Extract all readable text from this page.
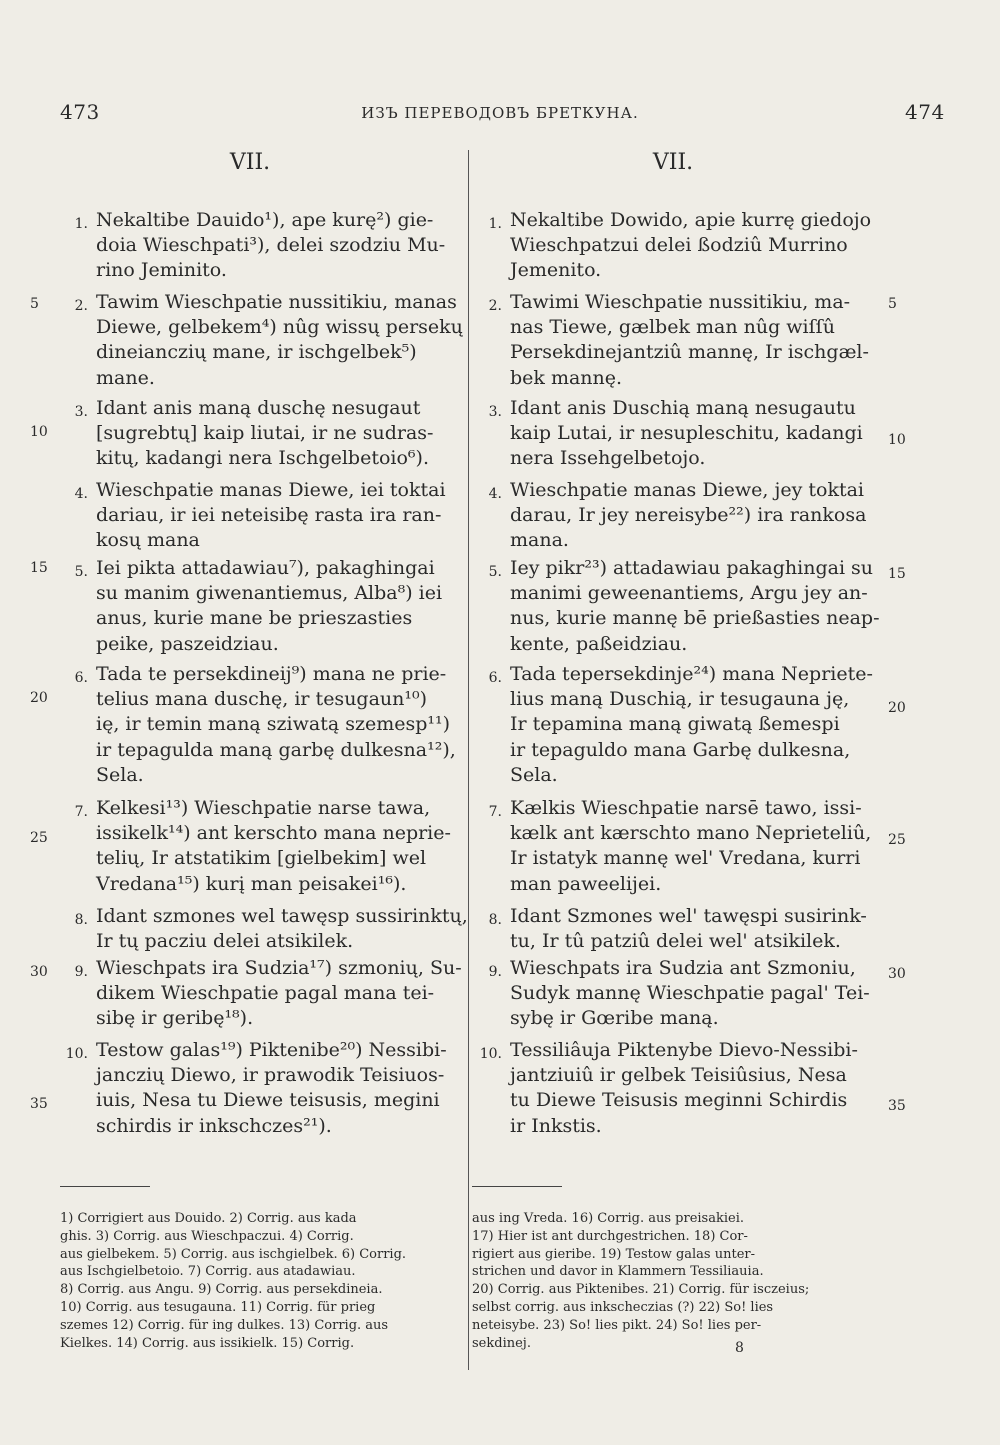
473	ИЗЪ ПЕРЕВОДОВЪ БРЕТКУНА.	474
VII.	VII.
1. Nekaltibe Dauido¹), ape kurę²) gie-
doia Wieschpati³), delei szodziu Mu-
rino Jeminito.
2. Tawim Wieschpatie nussitikiu, manas
Diewe, gelbekem⁴) nûg wissų persekų
dineianczių mane, ir ischgelbek⁵)
mane.
3. Idant anis maną duschę nesugaut
[sugrebtų] kaip liutai, ir ne sudras-
kitų, kadangi nera Ischgelbetoio⁶).
4. Wieschpatie manas Diewe, iei toktai
dariau, ir iei neteisibę rasta ira ran-
kosų mana
5. Iei pikta attadawiau⁷), pakaghingai
su manim giwenantiemus, Alba⁸) iei
anus, kurie mane be prieszasties
peike, paszeidziau.
6. Tada te persekdineij⁹) mana ne prie-
telius mana duschę, ir tesugaun¹⁰)
ię, ir temin maną sziwatą szemesp¹¹)
ir tepagulda maną garbę dulkesna¹²),
Sela.
7. Kelkesi¹³) Wieschpatie narse tawa,
issikelk¹⁴) ant kerschto mana neprie-
telių, Ir atstatikim [gielbekim] wel
Vredana¹⁵) kurį man peisakei¹⁶).
8. Idant szmones wel tawęsp sussirinktų,
Ir tų pacziu delei atsikilek.
9. Wieschpats ira Sudzia¹⁷) szmonių, Su-
dikem Wieschpatie pagal mana tei-
sibę ir geribę¹⁸).
10. Testow galas¹⁹) Piktenibe²⁰) Nessibi-
janczių Diewo, ir prawodik Teisiuos-
iuis, Nesa tu Diewe teisusis, megini
schirdis ir inkschczes²¹).
1. Nekaltibe Dowido, apie kurrę giedojo
Wieschpatzui delei ßodziû Murrino
Jemenito.
2. Tawimi Wieschpatie nussitikiu, ma-
nas Tiewe, gælbek man nûg wiſſû
Persekdinejantziû mannę, Ir ischgæl-
bek mannę.
3. Idant anis Duschią maną nesugautu
kaip Lutai, ir nesupleschitu, kadangi
nera Issehgelbetojo.
4. Wieschpatie manas Diewe, jey toktai
darau, Ir jey nereisybe²²) ira rankosa
mana.
5. Iey pikr²³) attadawiau pakaghingai su
manimi geweenantiems, Argu jey an-
nus, kurie mannę bē prießasties neap-
kente, paßeidziau.
6. Tada tepersekdinje²⁴) mana Nepriete-
lius maną Duschią, ir tesugauna ję,
Ir tepamina maną giwatą ßemespi
ir tepaguldo mana Garbę dulkesna,
Sela.
7. Kælkis Wieschpatie narsē tawo, issi-
kælk ant kærschto mano Neprieteliû,
Ir istatyk mannę wel' Vredana, kurri
man paweelijei.
8. Idant Szmones wel' tawęspi susirink-
tu, Ir tû patziû delei wel' atsikilek.
9. Wieschpats ira Sudzia ant Szmoniu,
Sudyk mannę Wieschpatie pagal' Tei-
sybę ir Gœribe maną.
10. Tessiliâuja Piktenybe Dievo-Nessibi-
jantziuiû ir gelbek Teisiûsius, Nesa
tu Diewe Teisusis meginni Schirdis
ir Inkstis.
5
10
15
20
25
30
35
5
10
15
20
25
30
35
1) Corrigiert aus Douido. 2) Corrig. aus kada
ghis. 3) Corrig. aus Wieschpaczui. 4) Corrig.
aus gielbekem. 5) Corrig. aus ischgielbek. 6) Corrig.
aus Ischgielbetoio. 7) Corrig. aus atadawiau.
8) Corrig. aus Angu. 9) Corrig. aus persekdineia.
10) Corrig. aus tesugauna. 11) Corrig. für prieg
szemes 12) Corrig. für ing dulkes. 13) Corrig. aus
Kielkes. 14) Corrig. aus issikielk. 15) Corrig.
aus ing Vreda. 16) Corrig. aus preisakiei.
17) Hier ist ant durchgestrichen. 18) Cor-
rigiert aus gieribe. 19) Testow galas unter-
strichen und davor in Klammern Tessiliauia.
20) Corrig. aus Piktenibes. 21) Corrig. für isczeius;
selbst corrig. aus inkscheczias (?) 22) So! lies
neteisybe. 23) So! lies pikt. 24) So! lies per-
sekdinej.	8
